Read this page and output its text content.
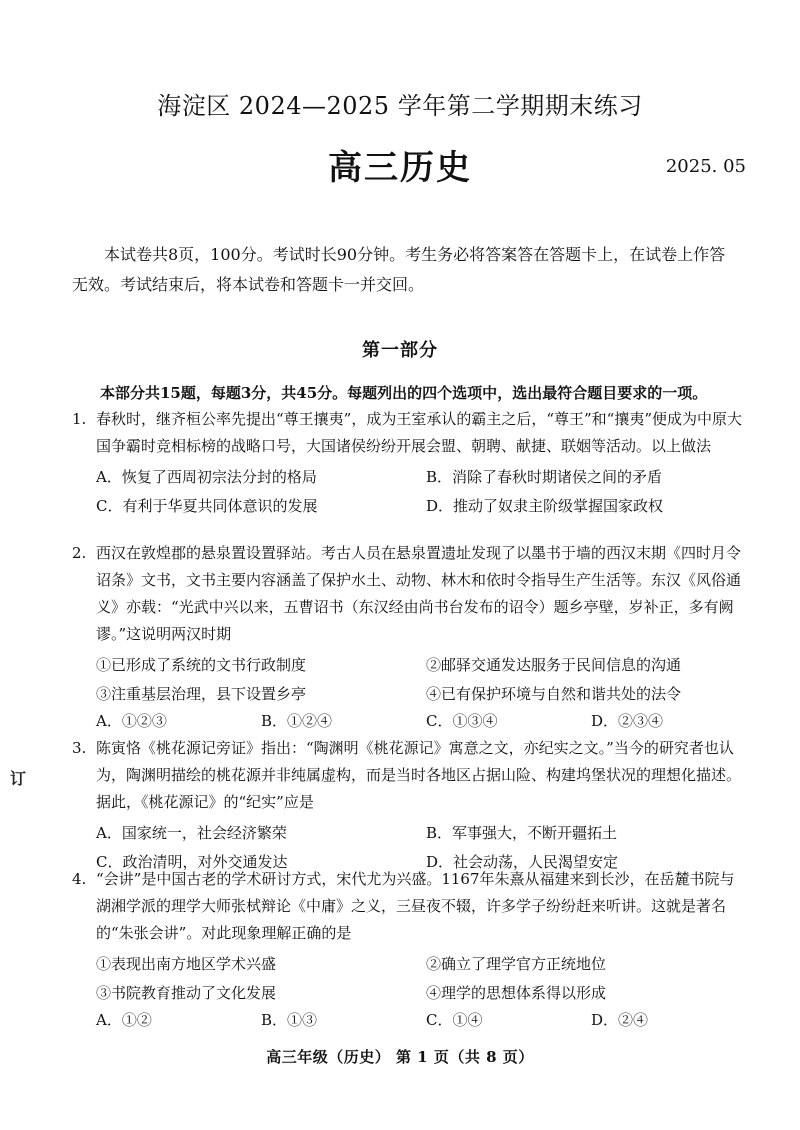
海淀区 2024—2025 学年第二学期期末练习
高三历史	2025. 05
本试卷共8页，100分。考试时长90分钟。考生务必将答案答在答题卡上，在试卷上作答无效。考试结束后，将本试卷和答题卡一并交回。
第一部分
本部分共15题，每题3分，共45分。每题列出的四个选项中，选出最符合题目要求的一项。
1. 春秋时，继齐桓公率先提出“尊王攘夷”，成为王室承认的霸主之后，“尊王”和“攘夷”便成为中原大国争霸时竞相标榜的战略口号，大国诸侯纷纷开展会盟、朝聘、献捷、联姻等活动。以上做法
A．恢复了西周初宗法分封的格局	B．消除了春秋时期诸侯之间的矛盾
C．有利于华夏共同体意识的发展	D．推动了奴隶主阶级掌握国家政权
2. 西汉在敦煌郡的悬泉置设置驿站。考古人员在悬泉置遗址发现了以墨书于墙的西汉末期《四时月令诏条》文书，文书主要内容涵盖了保护水土、动物、林木和依时令指导生产生活等。东汉《风俗通义》亦载：“光武中兴以来，五曹诏书（东汉经由尚书台发布的诏令）题乡亭壁，岁补正，多有阙谬。”这说明两汉时期
①已形成了系统的文书行政制度	②邮驿交通发达服务于民间信息的沟通
③注重基层治理，县下设置乡亭	④已有保护环境与自然和谐共处的法令
A．①②③	B．①②④	C．①③④	D．②③④
3. 陈寅恪《桃花源记旁证》指出：“陶渊明《桃花源记》寓意之文，亦纪实之文。”当今的研究者也认为，陶渊明描绘的桃花源并非纯属虚构，而是当时各地区占据山险、构建坞堡状况的理想化描述。据此，《桃花源记》的“纪实”应是
A．国家统一，社会经济繁荣	B．军事强大，不断开疆拓土
C．政治清明，对外交通发达	D．社会动荡，人民渴望安定
4. “会讲”是中国古老的学术研讨方式，宋代尤为兴盛。1167年朱熹从福建来到长沙，在岳麓书院与湖湘学派的理学大师张栻辩论《中庸》之义，三昼夜不辍，许多学子纷纷赶来听讲。这就是著名的“朱张会讲”。对此现象理解正确的是
①表现出南方地区学术兴盛	②确立了理学官方正统地位
③书院教育推动了文化发展	④理学的思想体系得以形成
A．①②	B．①③	C．①④	D．②④
订
高三年级（历史） 第 1 页（共 8 页）
